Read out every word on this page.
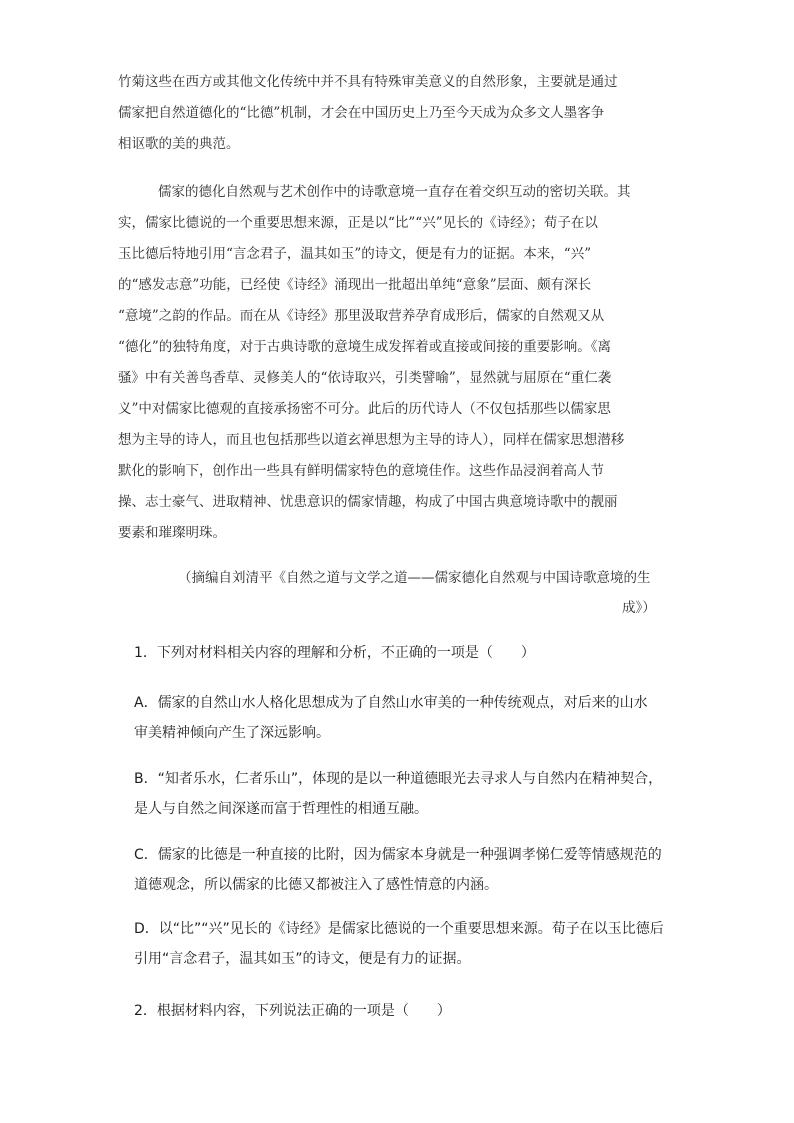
竹菊这些在西方或其他文化传统中并不具有特殊审美意义的自然形象，主要就是通过
儒家把自然道德化的“比德”机制，才会在中国历史上乃至今天成为众多文人墨客争
相讴歌的美的典范。
儒家的德化自然观与艺术创作中的诗歌意境一直存在着交织互动的密切关联。其
实，儒家比德说的一个重要思想来源，正是以“比”“兴”见长的《诗经》；荀子在以
玉比德后特地引用“言念君子，温其如玉”的诗文，便是有力的证据。本来，“兴”
的“感发志意”功能，已经使《诗经》涌现出一批超出单纯“意象”层面、颇有深长
“意境”之韵的作品。而在从《诗经》那里汲取营养孕育成形后，儒家的自然观又从
“德化”的独特角度，对于古典诗歌的意境生成发挥着或直接或间接的重要影响。《离
骚》中有关善鸟香草、灵修美人的“依诗取兴，引类譬喻”，显然就与屈原在“重仁袭
义”中对儒家比德观的直接承扬密不可分。此后的历代诗人（不仅包括那些以儒家思
想为主导的诗人，而且也包括那些以道玄禅思想为主导的诗人），同样在儒家思想潜移
默化的影响下，创作出一些具有鲜明儒家特色的意境佳作。这些作品浸润着高人节
操、志士豪气、进取精神、忧患意识的儒家情趣，构成了中国古典意境诗歌中的靓丽
要素和璀璨明珠。
（摘编自刘清平《自然之道与文学之道——儒家德化自然观与中国诗歌意境的生
成》）
1．下列对材料相关内容的理解和分析，不正确的一项是（　　）
A．儒家的自然山水人格化思想成为了自然山水审美的一种传统观点，对后来的山水
审美精神倾向产生了深远影响。
B．“知者乐水，仁者乐山”，体现的是以一种道德眼光去寻求人与自然内在精神契合，
是人与自然之间深遂而富于哲理性的相通互融。
C．儒家的比德是一种直接的比附，因为儒家本身就是一种强调孝悌仁爱等情感规范的
道德观念，所以儒家的比德又都被注入了感性情意的内涵。
D．以“比”“兴”见长的《诗经》是儒家比德说的一个重要思想来源。荀子在以玉比德后
引用“言念君子，温其如玉”的诗文，便是有力的证据。
2．根据材料内容，下列说法正确的一项是（　　）
